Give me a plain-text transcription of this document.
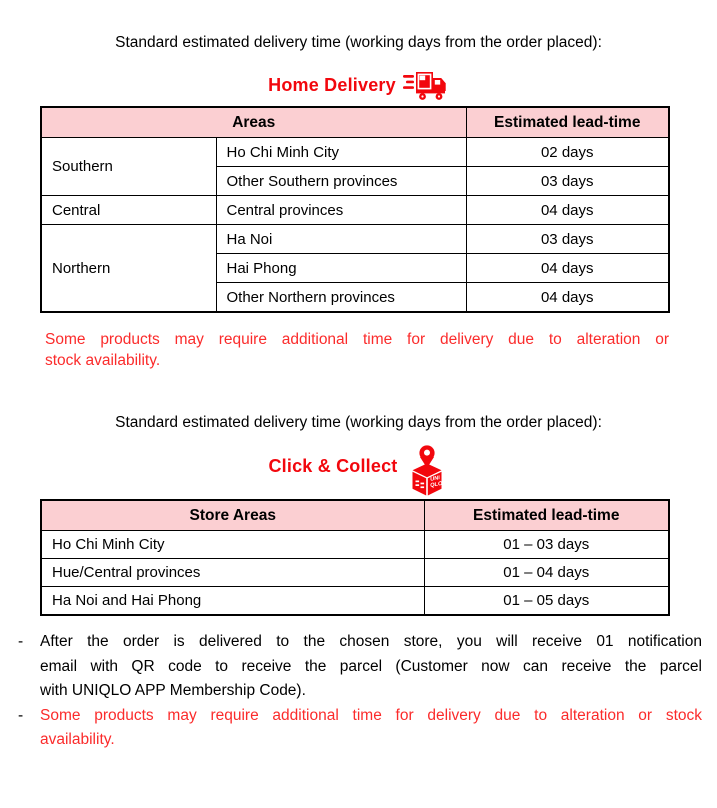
Standard estimated delivery time (working days from the order placed):

Home Delivery
Areas		Estimated lead-time
Southern	Ho Chi Minh City	02 days
	Other Southern provinces	03 days
Central	Central provinces	04 days
Northern	Ha Noi	03 days
	Hai Phong	04 days
	Other Northern provinces	04 days
Some products may require additional time for delivery due to alteration or
stock availability.

Standard estimated delivery time (working days from the order placed):

Click & Collect
UNI
QLO
Store Areas	Estimated lead-time
Ho Chi Minh City	01 – 03 days
Hue/Central provinces	01 – 04 days
Ha Noi and Hai Phong	01 – 05 days
-	After the order is delivered to the chosen store, you will receive 01 notification
email with QR code to receive the parcel (Customer now can receive the parcel
with UNIQLO APP Membership Code).
-	Some products may require additional time for delivery due to alteration or stock
availability.
